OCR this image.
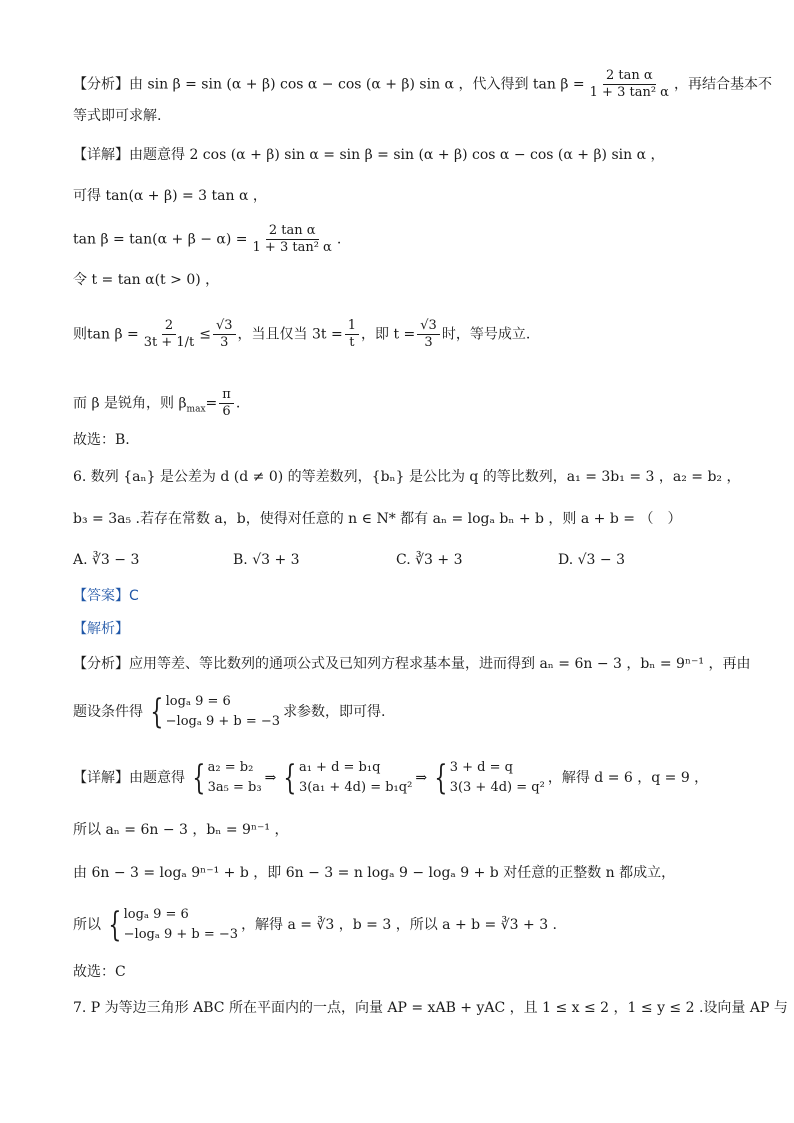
【分析】由 sin β = sin (α + β) cos α − cos (α + β) sin α ，代入得到 $\tan \beta = \frac{\text{2 tan α}}{\text{1 + 3 tan² α}}$ ，再结合基本不
等式即可求解.
【详解】由题意得 2 cos (α + β) sin α = sin β = sin (α + β) cos α − cos (α + β) sin α ，
可得 tan(α + β) = 3 tan α ，
$\tan \beta = \tan(\alpha + \beta - \alpha) = \frac{\text{2 tan α}}{\text{1 + 3 tan² α}}$ .
令 t = tan α(t > 0) ，
则$\tan \beta = \frac{2}{3t + 1/t} \le \frac{√3}{3}$ ，当且仅当 $3t = \frac{1}{t}$ ，即 $t = \frac{√3}{3}$ 时，等号成立.
而 β 是锐角，则 $\beta_{max}= \frac{\pi}{6}$ .
故选：B.
6. 数列 {aₙ} 是公差为 d (d ≠ 0) 的等差数列，{bₙ} 是公比为 q 的等比数列，a₁ = 3b₁ = 3 ，a₂ = b₂ ，
b₃ = 3a₅ .若存在常数 a，b，使得对任意的 n ∈ N* 都有 aₙ = logₐ bₙ + b ，则 a + b = （　）
A. ∛3 − 3	B. √3 + 3	C. ∛3 + 3	D. √3 − 3
【答案】C
【解析】
【分析】应用等差、等比数列的通项公式及已知列方程求基本量，进而得到 aₙ = 6n − 3 ，bₙ = 9ⁿ⁻¹ ，再由
题设条件得 { logₐ 9 = 6
−logₐ 9 + b = −3
求参数，即可得.
【详解】由题意得 { a₂ = b₂
3a₅ = b₃
⇒ { a₁ + d = b₁q
3(a₁ + 4d) = b₁q²
⇒ { 3 + d = q
3(3 + 4d) = q²
，解得 d = 6 ，q = 9 ，
所以 aₙ = 6n − 3 ，bₙ = 9ⁿ⁻¹ ，
由 6n − 3 = logₐ 9ⁿ⁻¹ + b ，即 6n − 3 = n logₐ 9 − logₐ 9 + b 对任意的正整数 n 都成立，
所以 { logₐ 9 = 6
−logₐ 9 + b = −3
，解得 a = ∛3 ，b = 3 ，所以 a + b = ∛3 + 3 .
故选：C
7. P 为等边三角形 ABC 所在平面内的一点，向量 AP = xAB + yAC ，且 1 ≤ x ≤ 2 ，1 ≤ y ≤ 2 .设向量 AP 与
